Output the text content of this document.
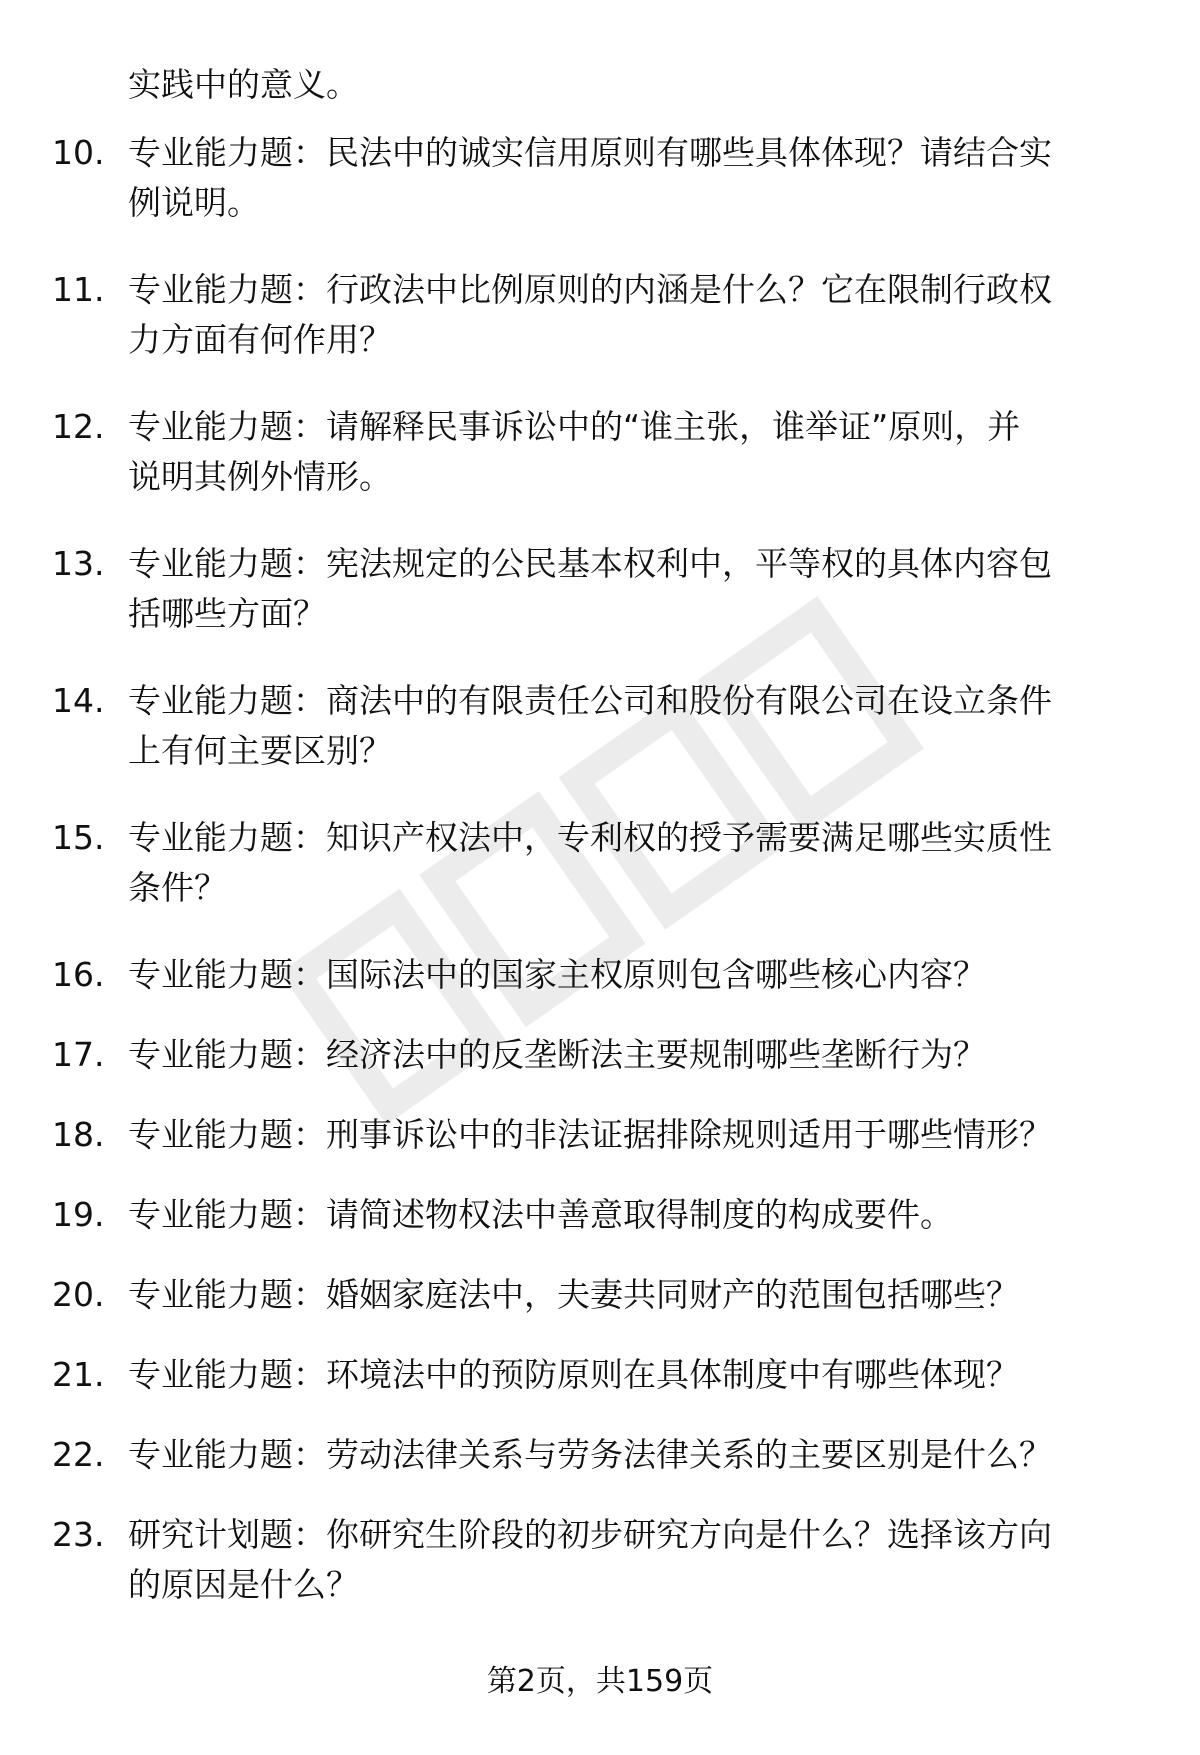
实践中的意义。
10. 专业能力题：民法中的诚实信用原则有哪些具体体现？请结合实
例说明。
11. 专业能力题：行政法中比例原则的内涵是什么？它在限制行政权
力方面有何作用？
12. 专业能力题：请解释民事诉讼中的“谁主张，谁举证”原则，并
说明其例外情形。
13. 专业能力题：宪法规定的公民基本权利中，平等权的具体内容包
括哪些方面？
14. 专业能力题：商法中的有限责任公司和股份有限公司在设立条件
上有何主要区别？
15. 专业能力题：知识产权法中，专利权的授予需要满足哪些实质性
条件？
16. 专业能力题：国际法中的国家主权原则包含哪些核心内容？
17. 专业能力题：经济法中的反垄断法主要规制哪些垄断行为？
18. 专业能力题：刑事诉讼中的非法证据排除规则适用于哪些情形？
19. 专业能力题：请简述物权法中善意取得制度的构成要件。
20. 专业能力题：婚姻家庭法中，夫妻共同财产的范围包括哪些？
21. 专业能力题：环境法中的预防原则在具体制度中有哪些体现？
22. 专业能力题：劳动法律关系与劳务法律关系的主要区别是什么？
23. 研究计划题：你研究生阶段的初步研究方向是什么？选择该方向
的原因是什么？
第2页，共159页
